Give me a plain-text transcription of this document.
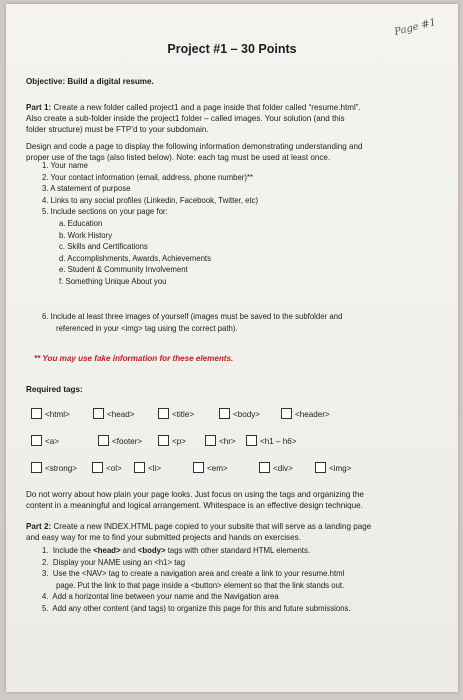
Page #1
Project #1 – 30 Points
Objective: Build a digital resume.
Part 1: Create a new folder called project1 and a page inside that folder called “resume.html”.
Also create a sub-folder inside the project1 folder – called images. Your solution (and this
folder structure) must be FTP’d to your subdomain.
Design and code a page to display the following information demonstrating understanding and
proper use of the tags (also listed below). Note: each tag must be used at least once.
1. Your name
2. Your contact information (email, address, phone number)**
3. A statement of purpose
4. Links to any social profiles (Linkedin, Facebook, Twitter, etc)
5. Include sections on your page for:
a. Education
b. Work History
c. Skills and Certifications
d. Accomplishments, Awards, Achievements
e. Student & Community Involvement
f. Something Unique About you
6. Include at least three images of yourself (images must be saved to the subfolder and
referenced in your <img> tag using the correct path).
** You may use fake information for these elements.
Required tags:
<html>	<head>	<title>	<body>	<header>
<a>	<footer>	<p>	<hr>	<h1 – h6>
<strong>	<ol>	<li>	<em>	<div>	<img>
Do not worry about how plain your page looks. Just focus on using the tags and organizing the
content in a meaningful and logical arrangement. Whitespace is an effective design technique.
Part 2: Create a new INDEX.HTML page copied to your subsite that will serve as a landing page
and easy way for me to find your submitted projects and hands on exercises.
1. Include the <head> and <body> tags with other standard HTML elements.
2. Display your NAME using an <h1> tag
3. Use the <NAV> tag to create a navigation area and create a link to your resume.html
page. Put the link to that page inside a <button> element so that the link stands out.
4. Add a horizontal line between your name and the Navigation area
5. Add any other content (and tags) to organize this page for this and future submissions.
